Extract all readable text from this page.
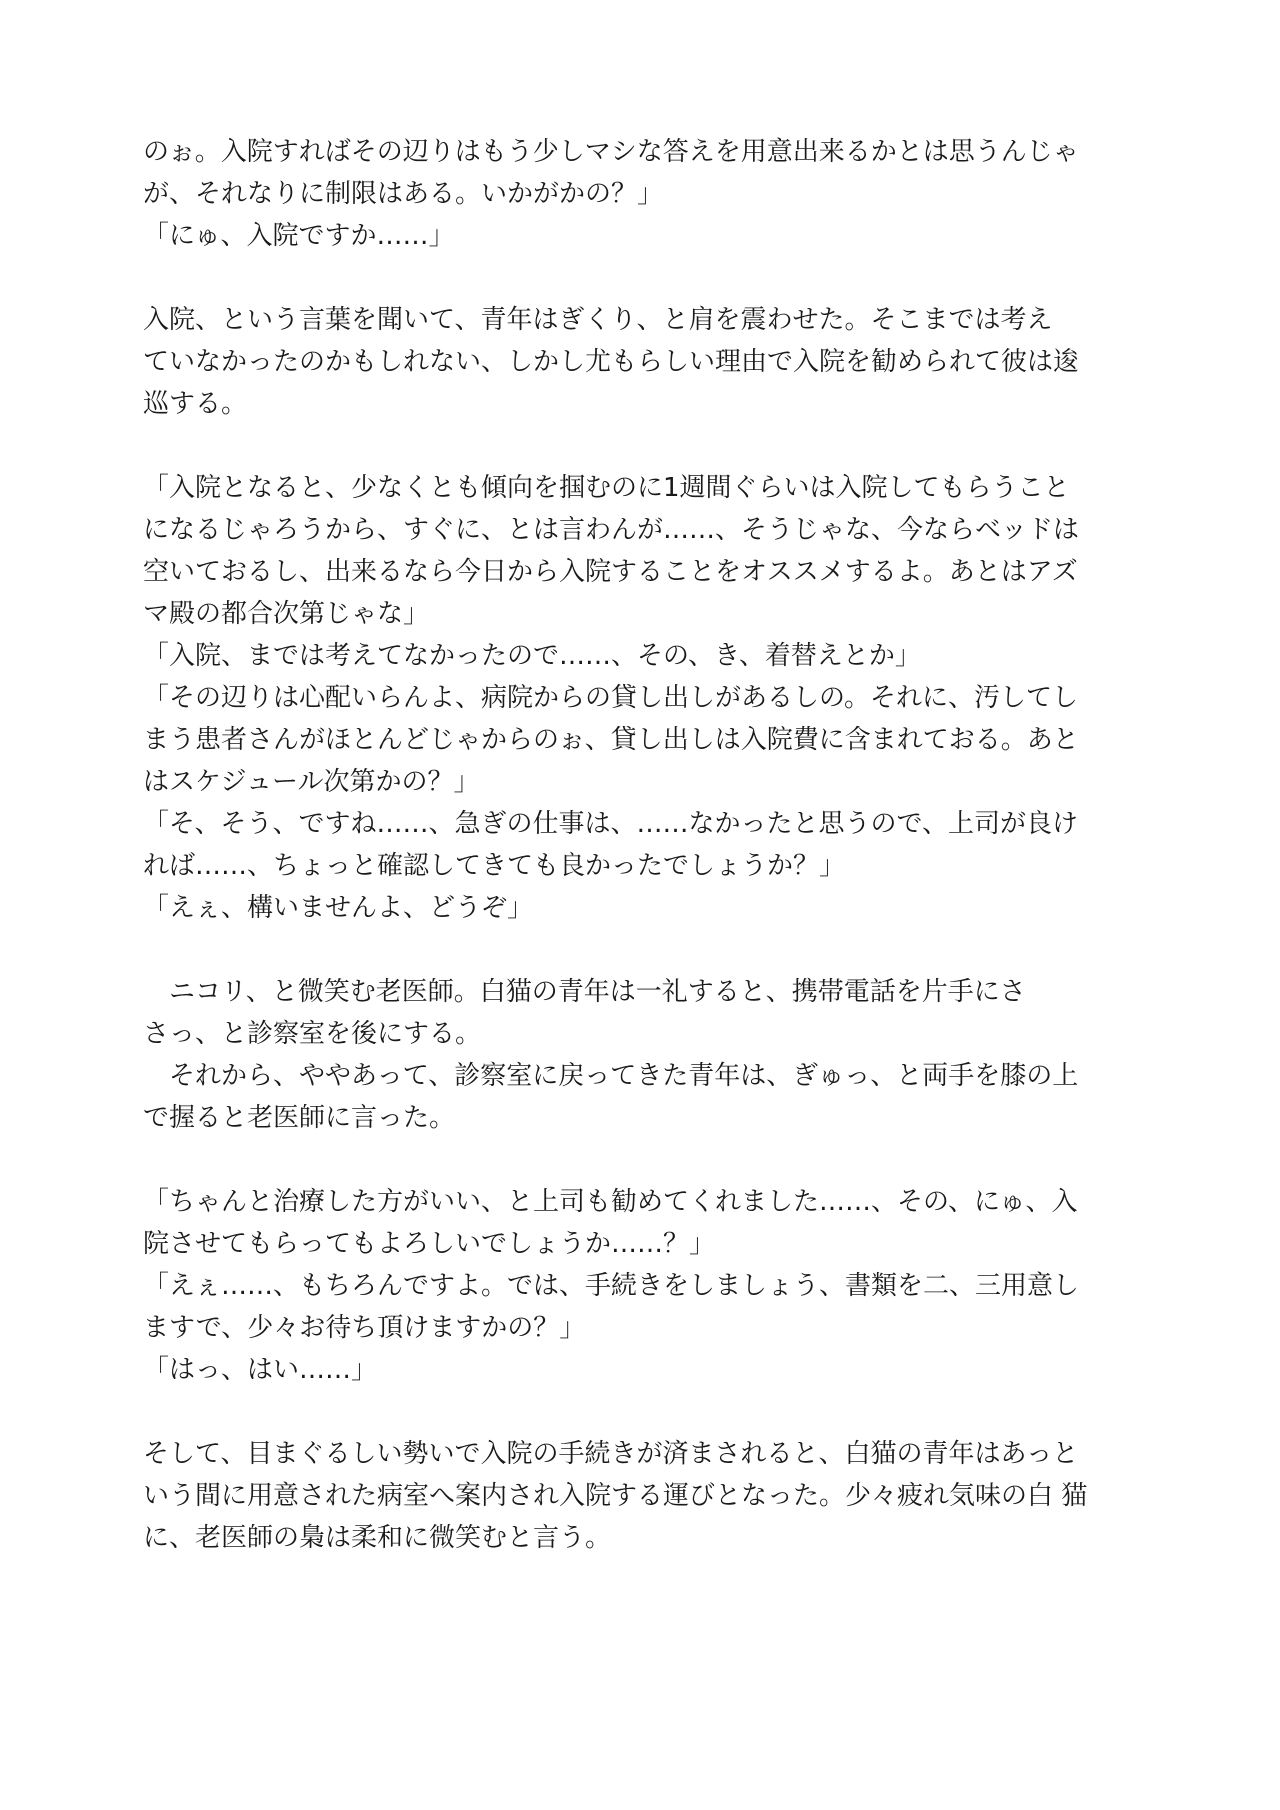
のぉ。入院すればその辺りはもう少しマシな答えを用意出来るかとは思うんじゃ
が、それなりに制限はある。いかがかの？」
「にゅ、入院ですか……」
入院、という言葉を聞いて、青年はぎくり、と肩を震わせた。そこまでは考え
ていなかったのかもしれない、しかし尤もらしい理由で入院を勧められて彼は逡
巡する。
「入院となると、少なくとも傾向を掴むのに1週間ぐらいは入院してもらうこと
になるじゃろうから、すぐに、とは言わんが……、そうじゃな、今ならベッドは
空いておるし、出来るなら今日から入院することをオススメするよ。あとはアズ
マ殿の都合次第じゃな」
「入院、までは考えてなかったので……、その、き、着替えとか」
「その辺りは心配いらんよ、病院からの貸し出しがあるしの。それに、汚してし
まう患者さんがほとんどじゃからのぉ、貸し出しは入院費に含まれておる。あと
はスケジュール次第かの？」
「そ、そう、ですね……、急ぎの仕事は、……なかったと思うので、上司が良け
れば……、ちょっと確認してきても良かったでしょうか？」
「えぇ、構いませんよ、どうぞ」
　ニコリ、と微笑む老医師。白猫の青年は一礼すると、携帯電話を片手にさ
さっ、と診察室を後にする。
　それから、ややあって、診察室に戻ってきた青年は、ぎゅっ、と両手を膝の上
で握ると老医師に言った。
「ちゃんと治療した方がいい、と上司も勧めてくれました……、その、にゅ、入
院させてもらってもよろしいでしょうか……？」
「えぇ……、もちろんですよ。では、手続きをしましょう、書類を二、三用意し
ますで、少々お待ち頂けますかの？」
「はっ、はい……」
そして、目まぐるしい勢いで入院の手続きが済まされると、白猫の青年はあっと
いう間に用意された病室へ案内され入院する運びとなった。少々疲れ気味の白 猫
に、老医師の梟は柔和に微笑むと言う。
